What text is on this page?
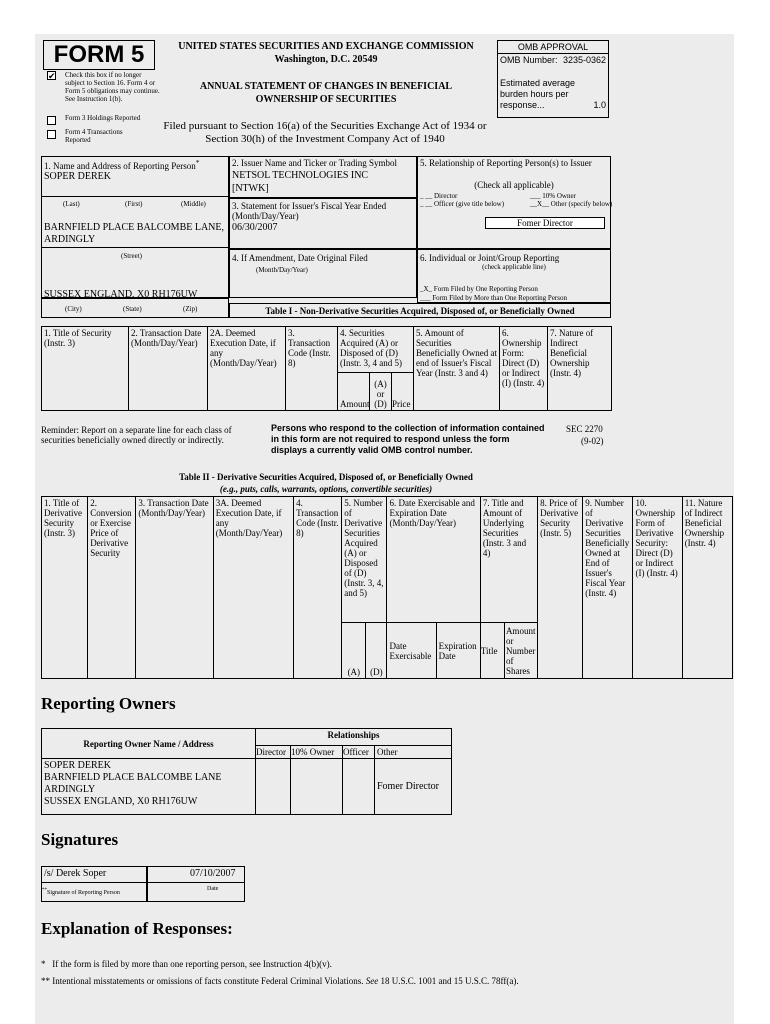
FORM 5
✔ Check this box if no longer subject to Section 16. Form 4 or Form 5 obligations may continue. See Instruction 1(b).
Form 3 Holdings Reported
Form 4 Transactions Reported
UNITED STATES SECURITIES AND EXCHANGE COMMISSION
Washington, D.C. 20549
ANNUAL STATEMENT OF CHANGES IN BENEFICIAL
OWNERSHIP OF SECURITIES
Filed pursuant to Section 16(a) of the Securities Exchange Act of 1934 or
Section 30(h) of the Investment Company Act of 1940
OMB APPROVAL
OMB Number: 3235-0362
Estimated average burden hours per response...	1.0
1. Name and Address of Reporting Person*
SOPER DEREK
(Last)	(First)	(Middle)
BARNFIELD PLACE BALCOMBE LANE, ARDINGLY
(Street)
SUSSEX ENGLAND, X0 RH176UW
(City)	(State)	(Zip)
2. Issuer Name and Ticker or Trading Symbol
NETSOL TECHNOLOGIES INC
[NTWK]
3. Statement for Issuer's Fiscal Year Ended (Month/Day/Year)
06/30/2007
4. If Amendment, Date Original Filed

(Month/Day/Year)
5. Relationship of Reporting Person(s) to Issuer
(Check all applicable)
_ __ Director	___ 10% Owner
_ __ Officer (give title below)	__X__ Other (specify below)
Fomer Director
6. Individual or Joint/Group Reporting
(check applicable line)
_X_ Form Filed by One Reporting Person
___ Form Filed by More than One Reporting Person
Table I - Non-Derivative Securities Acquired, Disposed of, or Beneficially Owned
1. Title of Security (Instr. 3)	2. Transaction Date (Month/Day/Year)	2A. Deemed Execution Date, if any (Month/Day/Year)	3. Transaction Code (Instr. 8)	4. Securities Acquired (A) or Disposed of (D) (Instr. 3, 4 and 5)			5. Amount of Securities Beneficially Owned at end of Issuer's Fiscal Year (Instr. 3 and 4)	6. Ownership Form: Direct (D) or Indirect (I) (Instr. 4)	7. Nature of Indirect Beneficial Ownership (Instr. 4)
				Amount	(A) or (D)	Price			
Reminder: Report on a separate line for each class of securities beneficially owned directly or indirectly.
Persons who respond to the collection of information contained in this form are not required to respond unless the form displays a currently valid OMB control number.
SEC 2270
(9-02)
Table II - Derivative Securities Acquired, Disposed of, or Beneficially Owned
(e.g., puts, calls, warrants, options, convertible securities)
1. Title of Derivative Security (Instr. 3)	2. Conversion or Exercise Price of Derivative Security	3. Transaction Date (Month/Day/Year)	3A. Deemed Execution Date, if any (Month/Day/Year)	4. Transaction Code (Instr. 8)	5. Number of Derivative Securities Acquired (A) or Disposed of (D) (Instr. 3, 4, and 5)		6. Date Exercisable and Expiration Date (Month/Day/Year)		7. Title and Amount of Underlying Securities (Instr. 3 and 4)		8. Price of Derivative Security (Instr. 5)	9. Number of Derivative Securities Beneficially Owned at End of Issuer's Fiscal Year (Instr. 4)	10. Ownership Form of Derivative Security: Direct (D) or Indirect (I) (Instr. 4)	11. Nature of Indirect Beneficial Ownership (Instr. 4)
					(A)	(D)	Date Exercisable	Expiration Date	Title	Amount or Number of Shares				
Reporting Owners
Reporting Owner Name / Address	Relationships			
	Director	10% Owner	Officer	Other

SOPER DEREK
BARNFIELD PLACE BALCOMBE LANE
ARDINGLY
SUSSEX ENGLAND, X0 RH176UW				Fomer Director
Signatures
/s/ Derek Soper
**Signature of Reporting Person
07/10/2007
Date
Explanation of Responses:
* If the form is filed by more than one reporting person, see Instruction 4(b)(v).
** Intentional misstatements or omissions of facts constitute Federal Criminal Violations. See 18 U.S.C. 1001 and 15 U.S.C. 78ff(a).
